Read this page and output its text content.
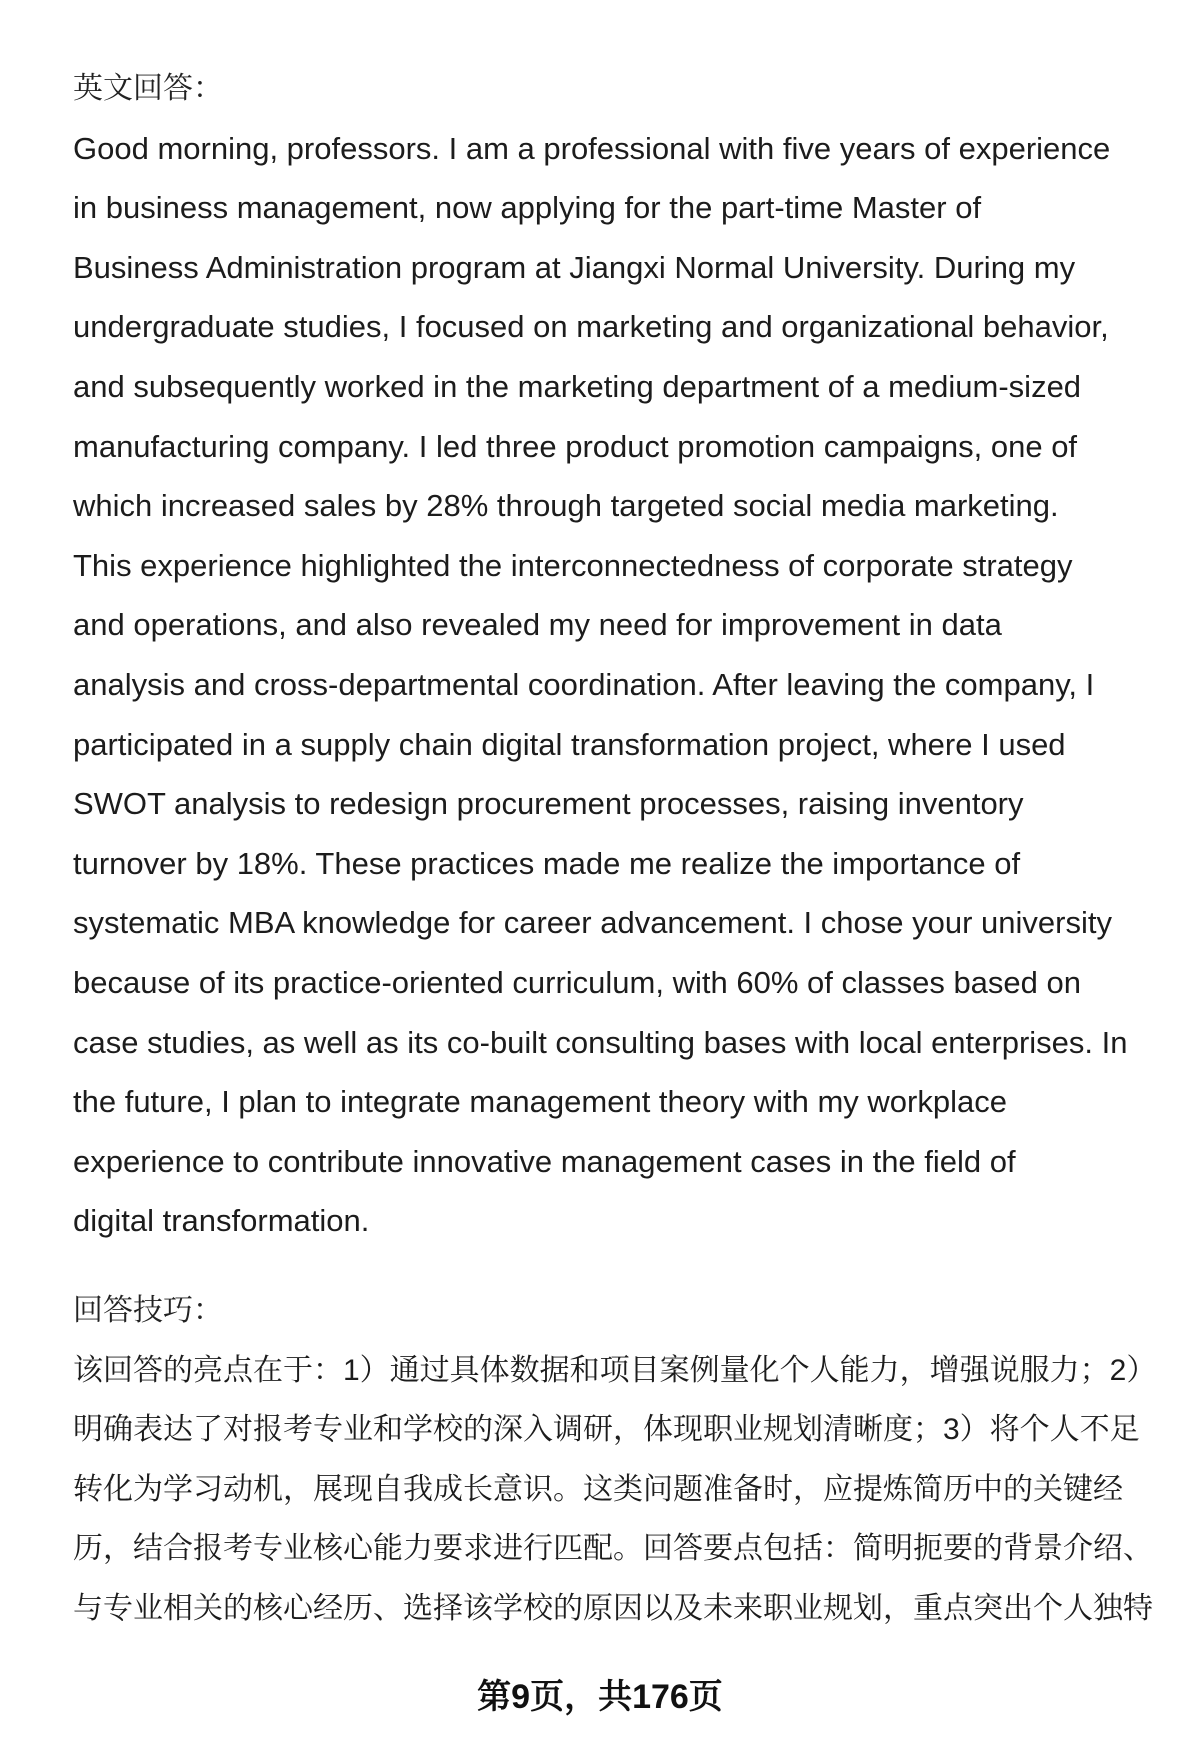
英文回答：
Good morning, professors. I am a professional with five years of experience
in business management, now applying for the part-time Master of
Business Administration program at Jiangxi Normal University. During my
undergraduate studies, I focused on marketing and organizational behavior,
and subsequently worked in the marketing department of a medium-sized
manufacturing company. I led three product promotion campaigns, one of
which increased sales by 28% through targeted social media marketing.
This experience highlighted the interconnectedness of corporate strategy
and operations, and also revealed my need for improvement in data
analysis and cross-departmental coordination. After leaving the company, I
participated in a supply chain digital transformation project, where I used
SWOT analysis to redesign procurement processes, raising inventory
turnover by 18%. These practices made me realize the importance of
systematic MBA knowledge for career advancement. I chose your university
because of its practice-oriented curriculum, with 60% of classes based on
case studies, as well as its co-built consulting bases with local enterprises. In
the future, I plan to integrate management theory with my workplace
experience to contribute innovative management cases in the field of
digital transformation.
回答技巧：
该回答的亮点在于：1）通过具体数据和项目案例量化个人能力，增强说服力；2）
明确表达了对报考专业和学校的深入调研，体现职业规划清晰度；3）将个人不足
转化为学习动机，展现自我成长意识。这类问题准备时，应提炼简历中的关键经
历，结合报考专业核心能力要求进行匹配。回答要点包括：简明扼要的背景介绍、
与专业相关的核心经历、选择该学校的原因以及未来职业规划，重点突出个人独特
第9页，共176页
